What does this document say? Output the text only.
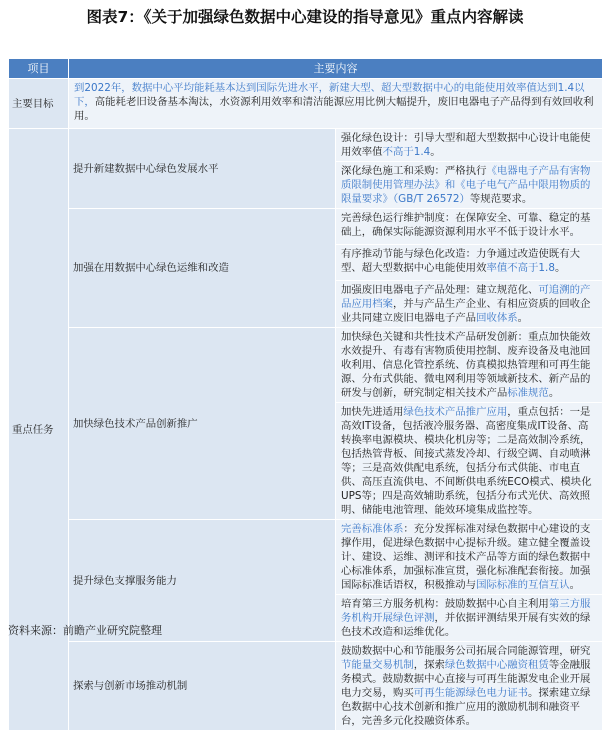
图表7：《关于加强绿色数据中心建设的指导意见》重点内容解读
项目	主要内容	
主要目标	到2022年，数据中心平均能耗基本达到国际先进水平，新建大型、超大型数据中心的电能使用效率值达到1.4以下，高能耗老旧设备基本淘汰，水资源利用效率和清洁能源应用比例大幅提升，废旧电器电子产品得到有效回收利用。	
重点任务	提升新建数据中心绿色发展水平	强化绿色设计：引导大型和超大型数据中心设计电能使用效率值不高于1.4。
		深化绿色施工和采购：严格执行《电器电子产品有害物质限制使用管理办法》和《电子电气产品中限用物质的限量要求》（GB/T 26572）等规范要求。
	加强在用数据中心绿色运维和改造	完善绿色运行维护制度：在保障安全、可靠、稳定的基础上，确保实际能源资源利用水平不低于设计水平。
		有序推动节能与绿色化改造：力争通过改造使既有大型、超大型数据中心电能使用效率值不高于1.8。
		加强废旧电器电子产品处理：建立规范化、可追溯的产品应用档案，并与产品生产企业、有相应资质的回收企业共同建立废旧电器电子产品回收体系。
	加快绿色技术产品创新推广	加快绿色关键和共性技术产品研发创新：重点加快能效水效提升、有毒有害物质使用控制、废弃设备及电池回收利用、信息化管控系统、仿真模拟热管理和可再生能源、分布式供能、微电网利用等领域新技术、新产品的研发与创新，研究制定相关技术产品标准规范。
		加快先进适用绿色技术产品推广应用，重点包括：一是高效IT设备，包括液冷服务器、高密度集成IT设备、高转换率电源模块、模块化机房等；二是高效制冷系统，包括热管背板、间接式蒸发冷却、行级空调、自动喷淋等；三是高效供配电系统，包括分布式供能、市电直供、高压直流供电、不间断供电系统ECO模式、模块化UPS等；四是高效辅助系统，包括分布式光伏、高效照明、储能电池管理、能效环境集成监控等。
	提升绿色支撑服务能力	完善标准体系：充分发挥标准对绿色数据中心建设的支撑作用，促进绿色数据中心提标升级。建立健全覆盖设计、建设、运维、测评和技术产品等方面的绿色数据中心标准体系，加强标准宣贯，强化标准配套衔接。加强国际标准话语权，积极推动与国际标准的互信互认。
		培育第三方服务机构：鼓励数据中心自主利用第三方服务机构开展绿色评测，并依据评测结果开展有实效的绿色技术改造和运维优化。
	探索与创新市场推动机制	鼓励数据中心和节能服务公司拓展合同能源管理，研究节能量交易机制，探索绿色数据中心融资租赁等金融服务模式。鼓励数据中心直接与可再生能源发电企业开展电力交易，购买可再生能源绿色电力证书。探索建立绿色数据中心技术创新和推广应用的激励机制和融资平台，完善多元化投融资体系。

资料来源：前瞻产业研究院整理
